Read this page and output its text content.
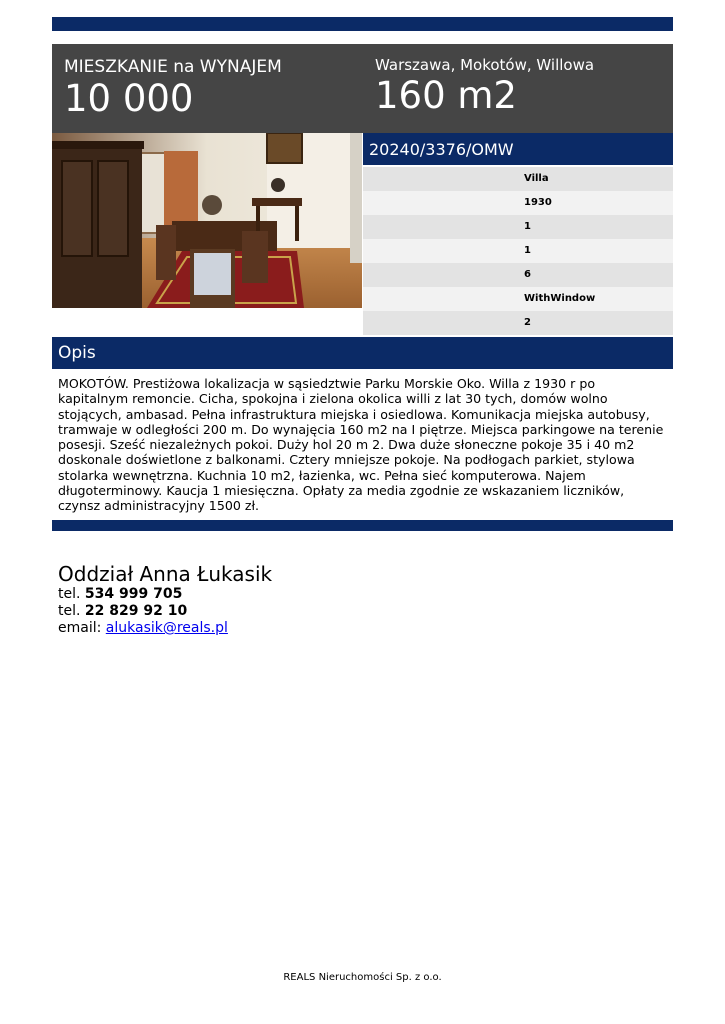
MIESZKANIE na WYNAJEM
10 000
Warszawa, Mokotów, Willowa
160 m2
20240/3376/OMW
Villa
1930
1
1
6
WithWindow
2
Opis
MOKOTÓW. Prestiżowa lokalizacja w sąsiedztwie Parku Morskie Oko. Willa z 1930 r po kapitalnym remoncie. Cicha, spokojna i zielona okolica willi z lat 30 tych, domów wolno stojących, ambasad. Pełna infrastruktura miejska i osiedlowa. Komunikacja miejska autobusy, tramwaje w odległości 200 m. Do wynajęcia 160 m2 na I piętrze. Miejsca parkingowe na terenie posesji. Sześć niezależnych pokoi. Duży hol 20 m 2. Dwa duże słoneczne pokoje 35 i 40 m2 doskonale doświetlone z balkonami. Cztery mniejsze pokoje. Na podłogach parkiet, stylowa stolarka wewnętrzna. Kuchnia 10 m2, łazienka, wc. Pełna sieć komputerowa. Najem długoterminowy. Kaucja 1 miesięczna. Opłaty za media zgodnie ze wskazaniem liczników, czynsz administracyjny 1500 zł.
Oddział Anna Łukasik
tel. 534 999 705
tel. 22 829 92 10
email: alukasik@reals.pl
REALS Nieruchomości Sp. z o.o.
